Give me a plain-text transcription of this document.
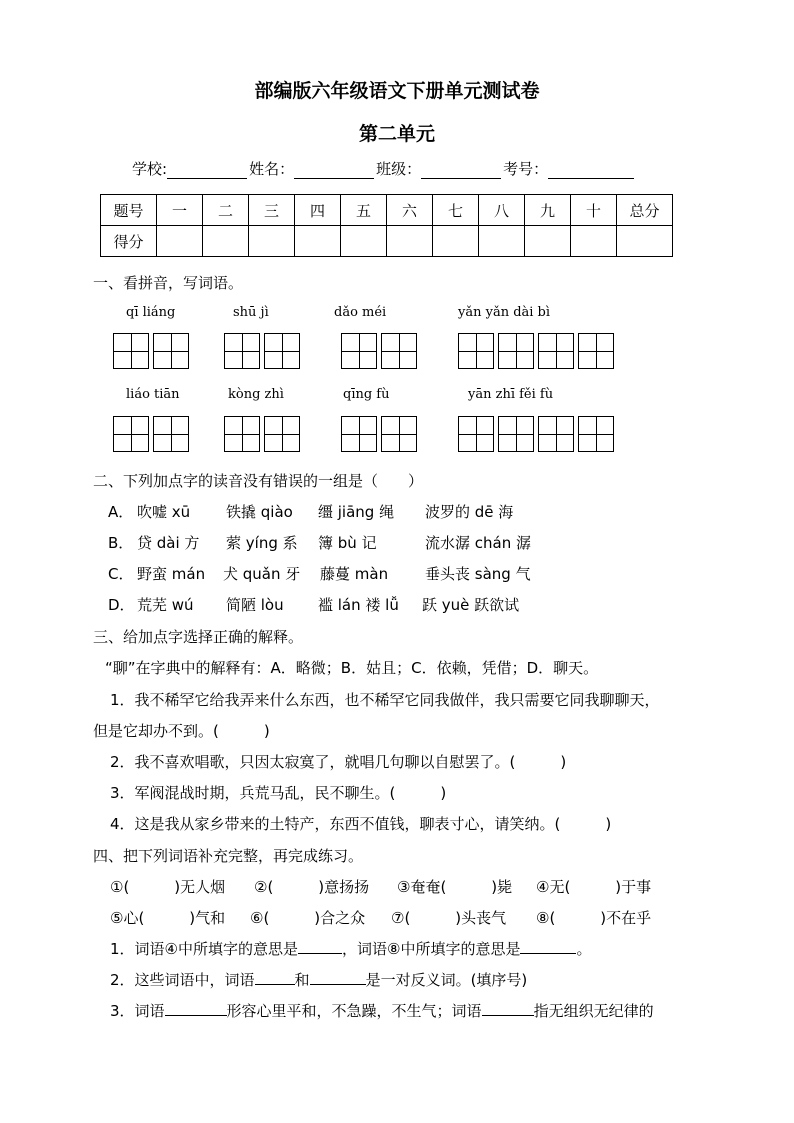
部编版六年级语文下册单元测试卷
第二单元
学校:	姓名：	班级：	考号：
题号	一	二	三	四	五	六	七	八	九	十	总分
得分											
一、看拼音，写词语。
qī liáng	shū jì	dǎo méi	yǎn yǎn dài bì
liáo tiān	kòng zhì	qīng fù	yān zhī fěi fù
二、下列加点字的读音没有错误的一组是（　　）
A． 吹嘘 xū 铁撬 qiào 缰 jiāng 绳 波罗的 dē 海
B． 贷 dài 方 萦 yíng 系 簿 bù 记	流水潺 chán 潺
C． 野蛮 mán 犬 quǎn 牙 藤蔓 màn 垂头丧 sàng 气
D． 荒芜 wú 简陋 lòu 褴 lán 褛 lǚ 跃 yuè 跃欲试
三、给加点字选择正确的解释。
“聊”在字典中的解释有：A．略微；B．姑且；C．依赖，凭借；D．聊天。
1．我不稀罕它给我弄来什么东西，也不稀罕它同我做伴，我只需要它同我聊聊天，
但是它却办不到。(　　　)
2．我不喜欢唱歌，只因太寂寞了，就唱几句聊以自慰罢了。(　　　)
3．军阀混战时期，兵荒马乱，民不聊生。(　　　)
4．这是我从家乡带来的土特产，东西不值钱，聊表寸心，请笑纳。(　　　)
四、把下列词语补充完整，再完成练习。
①(　　　)无人烟 ②(　　　)意扬扬 ③奄奄(　　　)毙 ④无(　　　)于事
⑤心(　　　)气和 ⑥(　　　)合之众 ⑦(　　　)头丧气 ⑧(　　　)不在乎
1．词语④中所填字的意思是	，词语⑧中所填字的意思是	。
2．这些词语中，词语	和	是一对反义词。(填序号)
3．词语	形容心里平和，不急躁，不生气；词语	指无组织无纪律的
